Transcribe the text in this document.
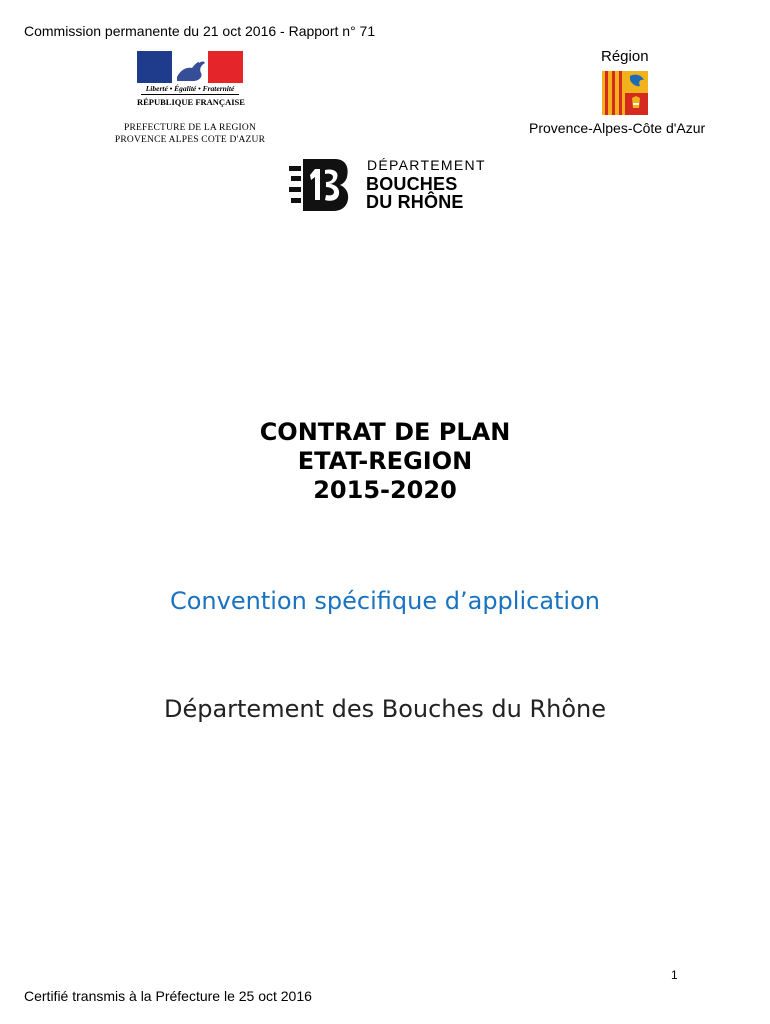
Commission permanente du 21 oct 2016 - Rapport n° 71
Liberté • Égalité • Fraternité
RÉPUBLIQUE FRANÇAISE
PREFECTURE DE LA REGION
PROVENCE ALPES COTE D'AZUR
Région
Provence-Alpes-Côte d'Azur
DÉPARTEMENT
BOUCHES
DU RHÔNE
CONTRAT DE PLAN
ETAT-REGION
2015-2020
Convention spécifique d’application
Département des Bouches du Rhône
1
Certifié transmis à la Préfecture le 25 oct 2016
